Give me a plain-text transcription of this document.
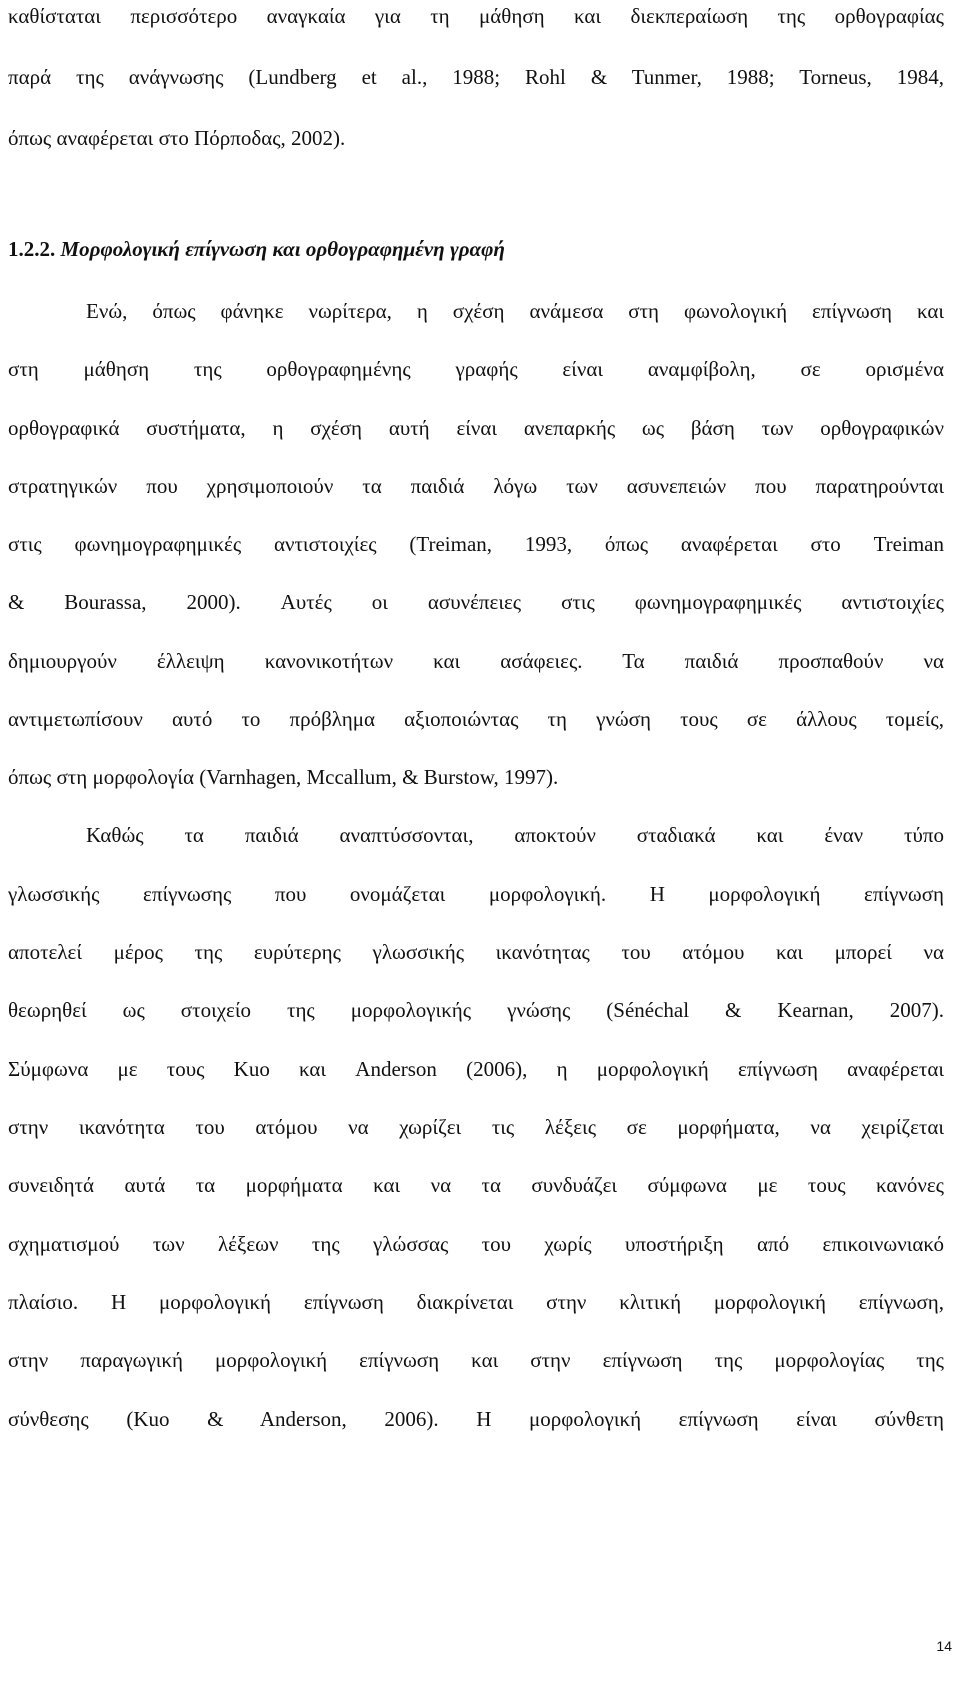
καθίσταται περισσότερο αναγκαία για τη μάθηση και διεκπεραίωση της ορθογραφίας
παρά της ανάγνωσης (Lundberg et al., 1988; Rohl & Tunmer, 1988; Torneus, 1984,
όπως αναφέρεται στο Πόρποδας, 2002).
1.2.2. Μορφολογική επίγνωση και ορθογραφημένη γραφή
Ενώ, όπως φάνηκε νωρίτερα, η σχέση ανάμεσα στη φωνολογική επίγνωση και
στη μάθηση της ορθογραφημένης γραφής είναι αναμφίβολη, σε ορισμένα
ορθογραφικά συστήματα, η σχέση αυτή είναι ανεπαρκής ως βάση των ορθογραφικών
στρατηγικών που χρησιμοποιούν τα παιδιά λόγω των ασυνεπειών που παρατηρούνται
στις φωνημογραφημικές αντιστοιχίες (Treiman, 1993, όπως αναφέρεται στο Treiman
& Bourassa, 2000). Αυτές οι ασυνέπειες στις φωνημογραφημικές αντιστοιχίες
δημιουργούν έλλειψη κανονικοτήτων και ασάφειες. Τα παιδιά προσπαθούν να
αντιμετωπίσουν αυτό το πρόβλημα αξιοποιώντας τη γνώση τους σε άλλους τομείς,
όπως στη μορφολογία (Varnhagen, Mccallum, & Burstow, 1997).
Καθώς τα παιδιά αναπτύσσονται, αποκτούν σταδιακά και έναν τύπο
γλωσσικής επίγνωσης που ονομάζεται μορφολογική. Η μορφολογική επίγνωση
αποτελεί μέρος της ευρύτερης γλωσσικής ικανότητας του ατόμου και μπορεί να
θεωρηθεί ως στοιχείο της μορφολογικής γνώσης (Sénéchal & Kearnan, 2007).
Σύμφωνα με τους Kuo και Anderson (2006), η μορφολογική επίγνωση αναφέρεται
στην ικανότητα του ατόμου να χωρίζει τις λέξεις σε μορφήματα, να χειρίζεται
συνειδητά αυτά τα μορφήματα και να τα συνδυάζει σύμφωνα με τους κανόνες
σχηματισμού των λέξεων της γλώσσας του χωρίς υποστήριξη από επικοινωνιακό
πλαίσιο. Η μορφολογική επίγνωση διακρίνεται στην κλιτική μορφολογική επίγνωση,
στην παραγωγική μορφολογική επίγνωση και στην επίγνωση της μορφολογίας της
σύνθεσης (Kuo & Anderson, 2006). Η μορφολογική επίγνωση είναι σύνθετη
14
